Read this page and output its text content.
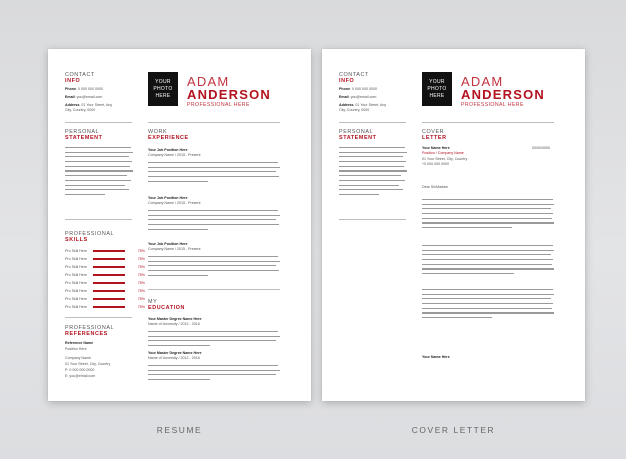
CONTACT
INFO
Phone: 0 000 000 0000
Email: you@email.com
Address: 01 Your Street, Any
City, Country, 0000
YOUR
PHOTO
HERE
ADAM
ANDERSON
PROFESSIONAL HERE
PERSONAL
STATEMENT
PROFESSIONAL
SKILLS
Pro Skill Here	75%
Pro Skill Here	75%
Pro Skill Here	75%
Pro Skill Here	75%
Pro Skill Here	75%
Pro Skill Here	75%
Pro Skill Here	75%
Pro Skill Here	75%
PROFESSIONAL
REFERENCES
Reference Name
Position Here
Company Name
01 Your Street, City, Country
P: 0 000 000 0000
E: you@email.com
WORK
EXPERIENCE
Your Job Position Here
Company Name / 2015 - Present
Your Job Position Here
Company Name / 2015 - Present
Your Job Position Here
Company Name / 2015 - Present
MY
EDUCATION
Your Master Degree Name Here
Name of Unversity / 2012 - 2016
Your Master Degree Name Here
Name of Unversity / 2012 - 2016
CONTACT
INFO
Phone: 0 000 000 0000
Email: you@email.com
Address: 01 Your Street, Any
City, Country, 0000
YOUR
PHOTO
HERE
ADAM
ANDERSON
PROFESSIONAL HERE
PERSONAL
STATEMENT
COVER
LETTER
Your Name Here
Position / Company Name
01 Your Street, City, Country
+0 000 000 0000
00/00/0000
Dear Sir/Madam
Your Name Here
RESUME	COVER LETTER
